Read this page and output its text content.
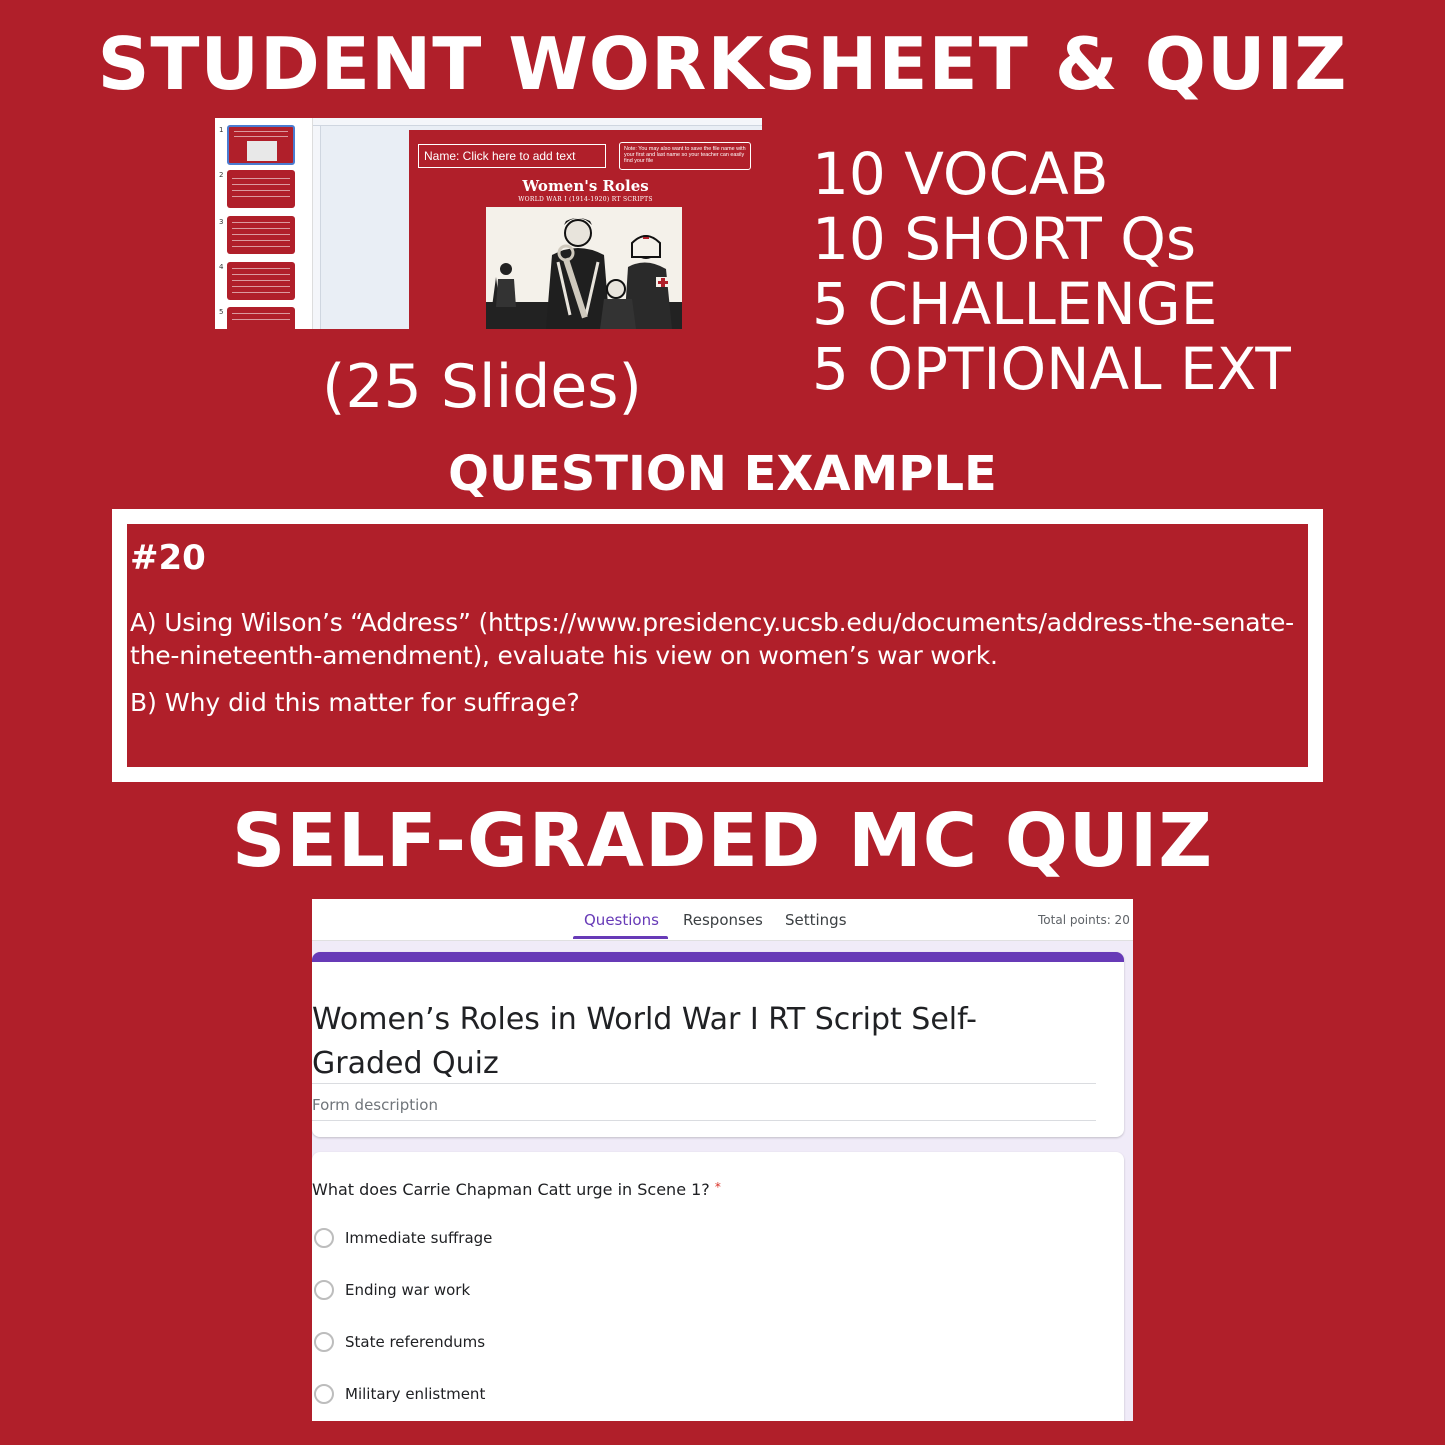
STUDENT WORKSHEET & QUIZ
1
2
3
4
5
Name: Click here to add text	Note: You may also want to save the file name with your first and last name so your teacher can easily find your file
Women's Roles
WORLD WAR I (1914-1920) RT SCRIPTS
(25 Slides)
10 VOCAB
10 SHORT Qs
5 CHALLENGE
5 OPTIONAL EXT
QUESTION EXAMPLE
#20
A) Using Wilson’s “Address” (https://www.presidency.ucsb.edu/documents/address-the-senate-the-nineteenth-amendment), evaluate his view on women’s war work.
B) Why did this matter for suffrage?
SELF-GRADED MC QUIZ
Questions Responses Settings	Total points: 20
Women’s Roles in World War I RT Script Self-Graded Quiz
Form description
What does Carrie Chapman Catt urge in Scene 1? *
Immediate suffrage
Ending war work
State referendums
Military enlistment
